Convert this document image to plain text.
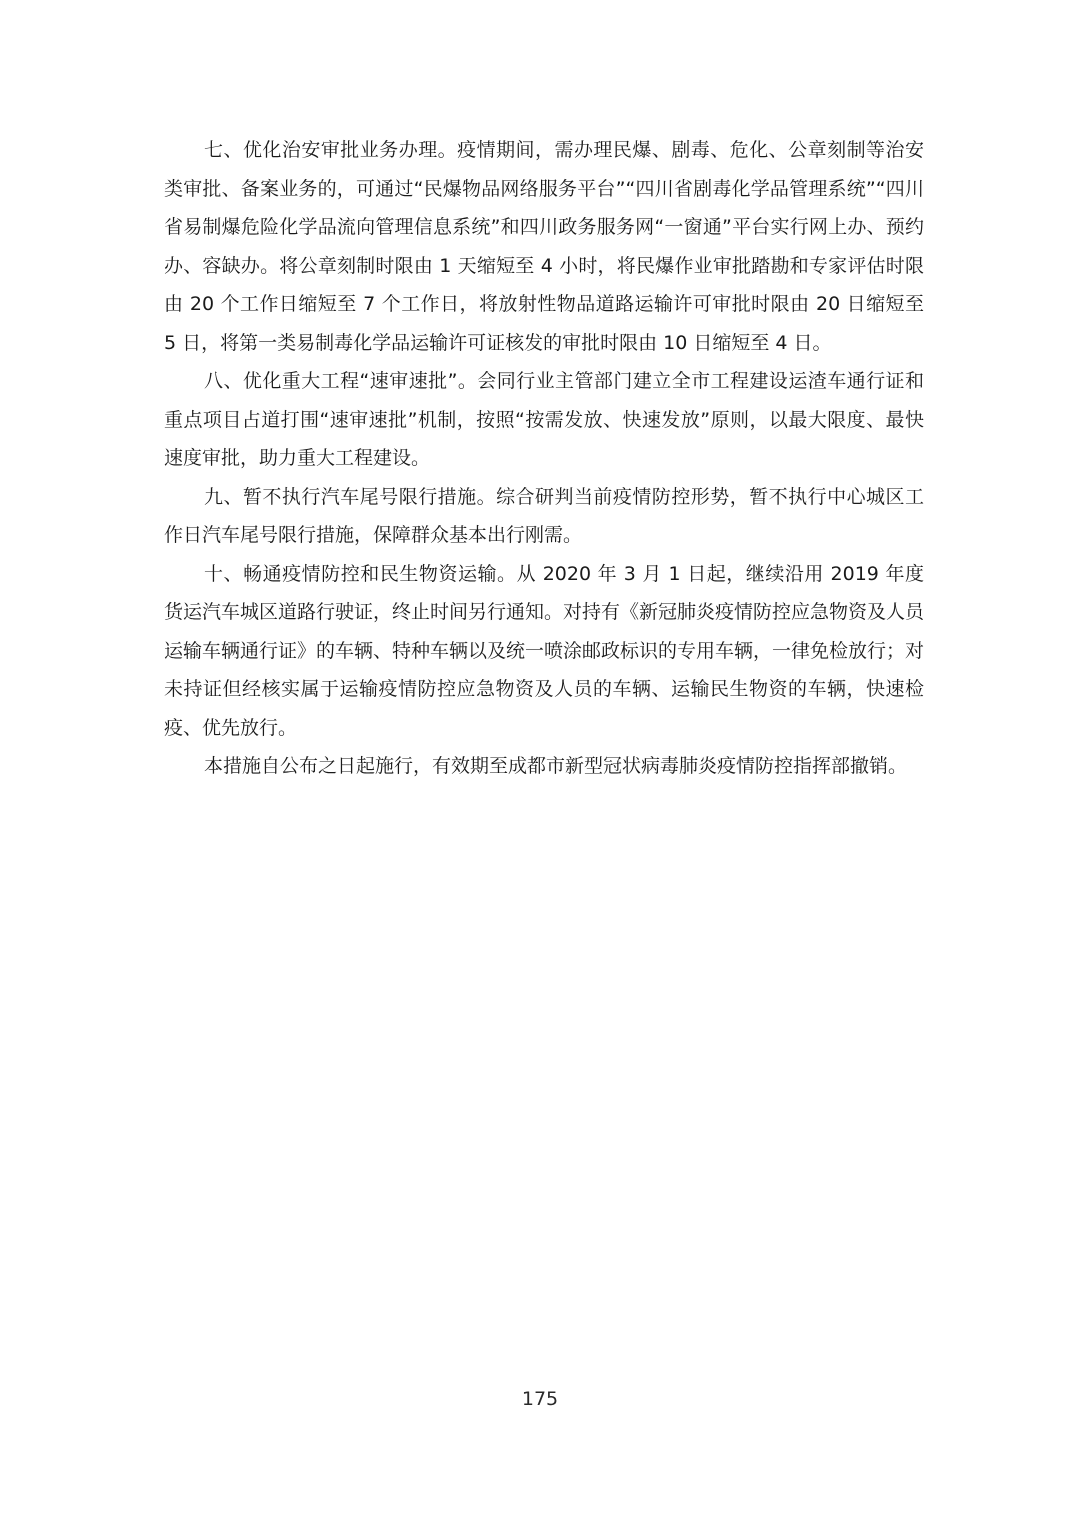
七、优化治安审批业务办理。疫情期间，需办理民爆、剧毒、危化、公章刻制等治安类审批、备案业务的，可通过“民爆物品网络服务平台”“四川省剧毒化学品管理系统”“四川省易制爆危险化学品流向管理信息系统”和四川政务服务网“一窗通”平台实行网上办、预约办、容缺办。将公章刻制时限由 1 天缩短至 4 小时，将民爆作业审批踏勘和专家评估时限由 20 个工作日缩短至 7 个工作日，将放射性物品道路运输许可审批时限由 20 日缩短至 5 日，将第一类易制毒化学品运输许可证核发的审批时限由 10 日缩短至 4 日。

八、优化重大工程“速审速批”。会同行业主管部门建立全市工程建设运渣车通行证和重点项目占道打围“速审速批”机制，按照“按需发放、快速发放”原则，以最大限度、最快速度审批，助力重大工程建设。

九、暂不执行汽车尾号限行措施。综合研判当前疫情防控形势，暂不执行中心城区工作日汽车尾号限行措施，保障群众基本出行刚需。

十、畅通疫情防控和民生物资运输。从 2020 年 3 月 1 日起，继续沿用 2019 年度货运汽车城区道路行驶证，终止时间另行通知。对持有《新冠肺炎疫情防控应急物资及人员运输车辆通行证》的车辆、特种车辆以及统一喷涂邮政标识的专用车辆，一律免检放行；对未持证但经核实属于运输疫情防控应急物资及人员的车辆、运输民生物资的车辆，快速检疫、优先放行。

本措施自公布之日起施行，有效期至成都市新型冠状病毒肺炎疫情防控指挥部撤销。

175
